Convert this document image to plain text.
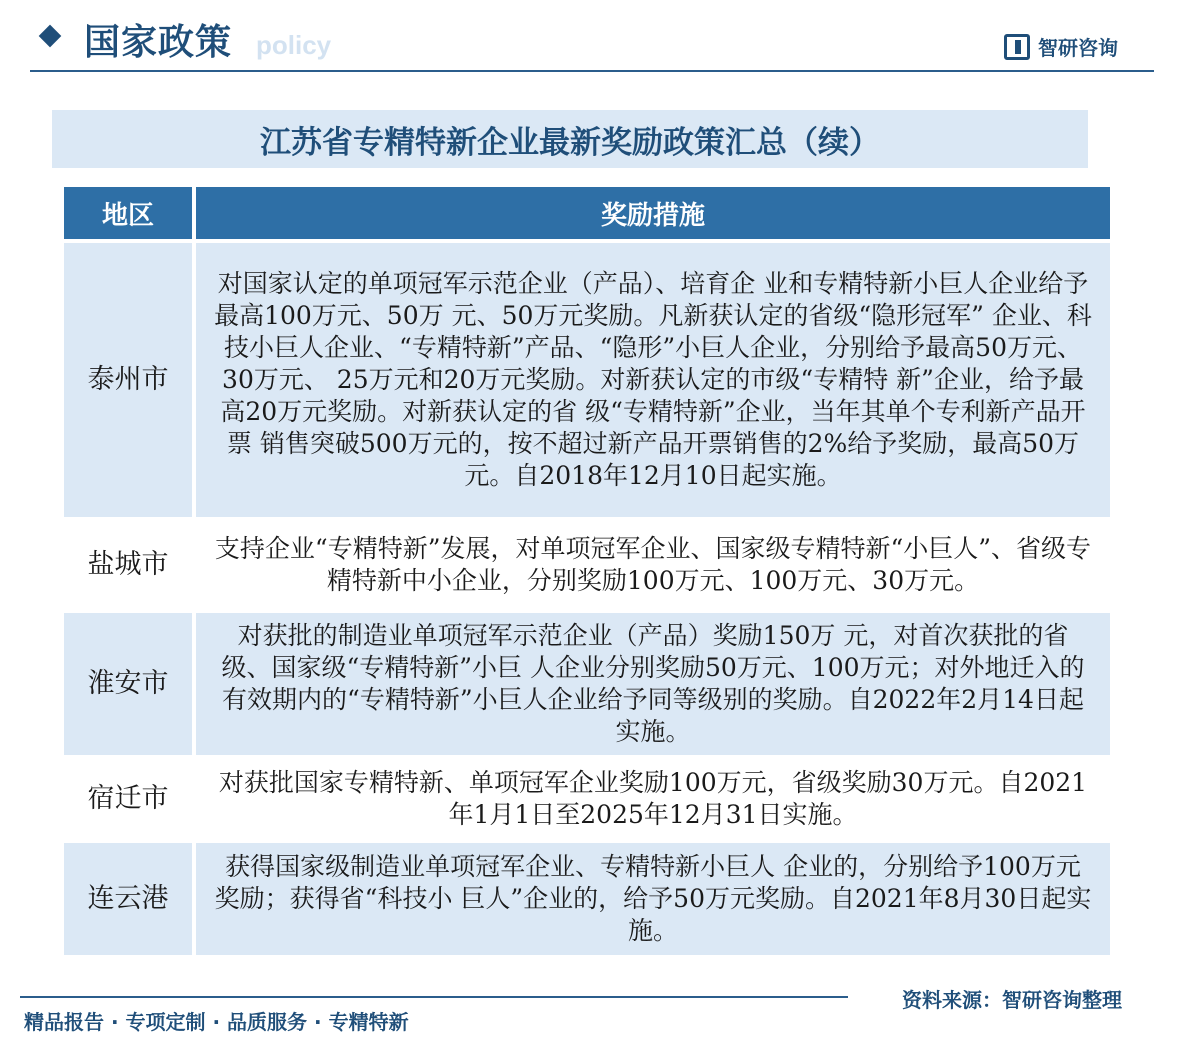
国家政策 policy	智研咨询
江苏省专精特新企业最新奖励政策汇总（续）
地区	奖励措施
泰州市
对国家认定的单项冠军示范企业（产品）、培育企 业和专精特新小巨人企业给予最高100万元、50万 元、50万元奖励。凡新获认定的省级“隐形冠军” 企业、科技小巨人企业、“专精特新”产品、“隐形”小巨人企业，分别给予最高50万元、30万元、 25万元和20万元奖励。对新获认定的市级“专精特 新”企业，给予最高20万元奖励。对新获认定的省 级“专精特新”企业，当年其单个专利新产品开票 销售突破500万元的，按不超过新产品开票销售的2%给予奖励，最高50万元。自2018年12月10日起实施。
盐城市
支持企业“专精特新”发展，对单项冠军企业、国家级专精特新“小巨人”、省级专精特新中小企业，分别奖励100万元、100万元、30万元。
淮安市
对获批的制造业单项冠军示范企业（产品）奖励150万 元，对首次获批的省级、国家级“专精特新”小巨 人企业分别奖励50万元、100万元；对外地迁入的 有效期内的“专精特新”小巨人企业给予同等级别的奖励。自2022年2月14日起实施。
宿迁市
对获批国家专精特新、单项冠军企业奖励100万元，省级奖励30万元。自2021年1月1日至2025年12月31日实施。
连云港
获得国家级制造业单项冠军企业、专精特新小巨人 企业的，分别给予100万元奖励；获得省“科技小 巨人”企业的，给予50万元奖励。自2021年8月30日起实施。
资料来源：智研咨询整理
精品报告 · 专项定制 · 品质服务 · 专精特新
